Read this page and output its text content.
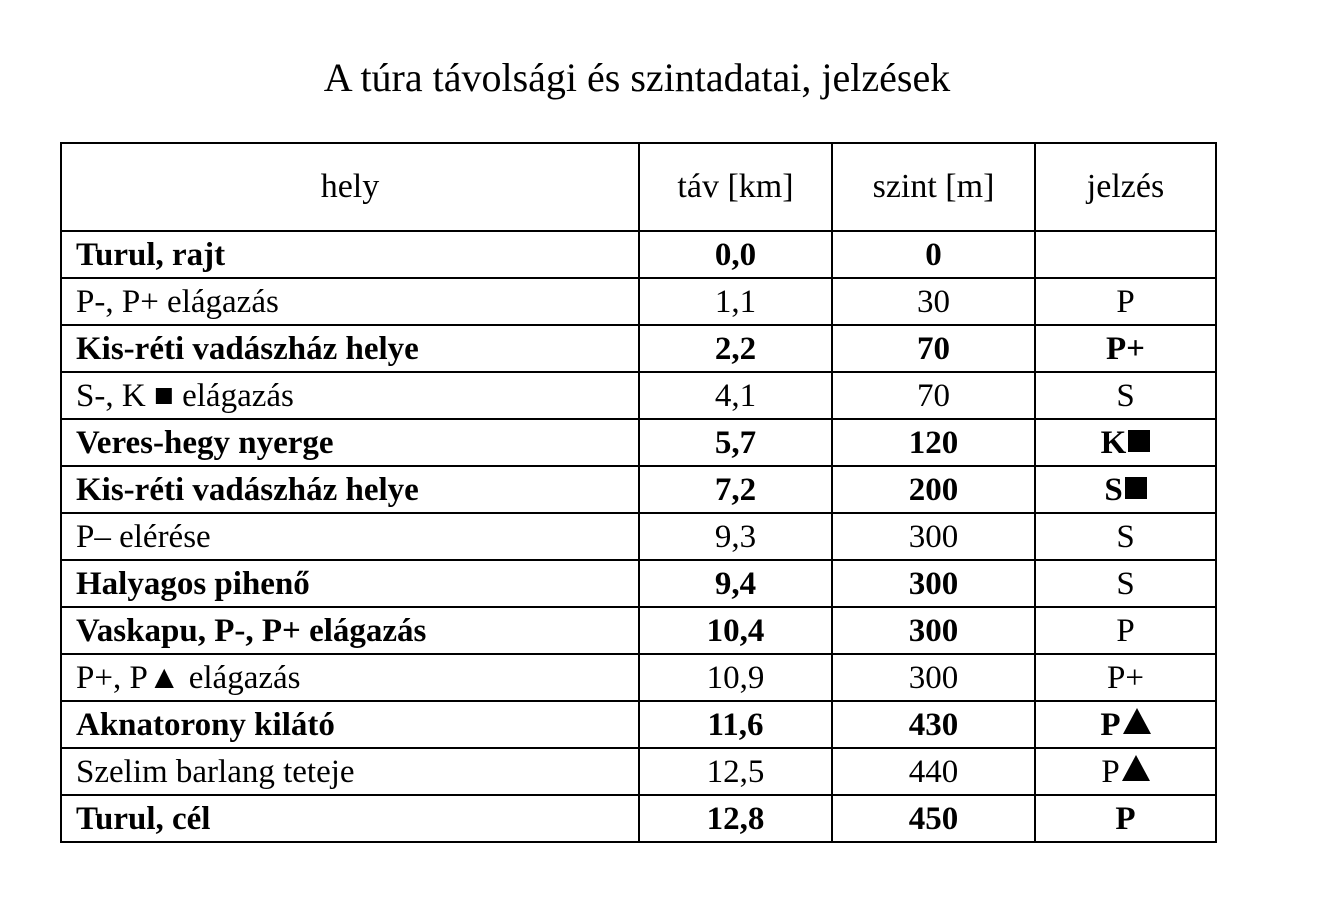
A túra távolsági és szintadatai, jelzések
hely	táv [km]	szint [m]	jelzés
Turul, rajt	0,0	0	
P-, P+ elágazás	1,1	30	P
Kis-réti vadászház helye	2,2	70	P+
S-, K ■ elágazás	4,1	70	S
Veres-hegy nyerge	5,7	120	K
Kis-réti vadászház helye	7,2	200	S
P– elérése	9,3	300	S
Halyagos pihenő	9,4	300	S
Vaskapu, P-, P+ elágazás	10,4	300	P
P+, P▲ elágazás	10,9	300	P+
Aknatorony kilátó	11,6	430	P
Szelim barlang teteje	12,5	440	P
Turul, cél	12,8	450	P
